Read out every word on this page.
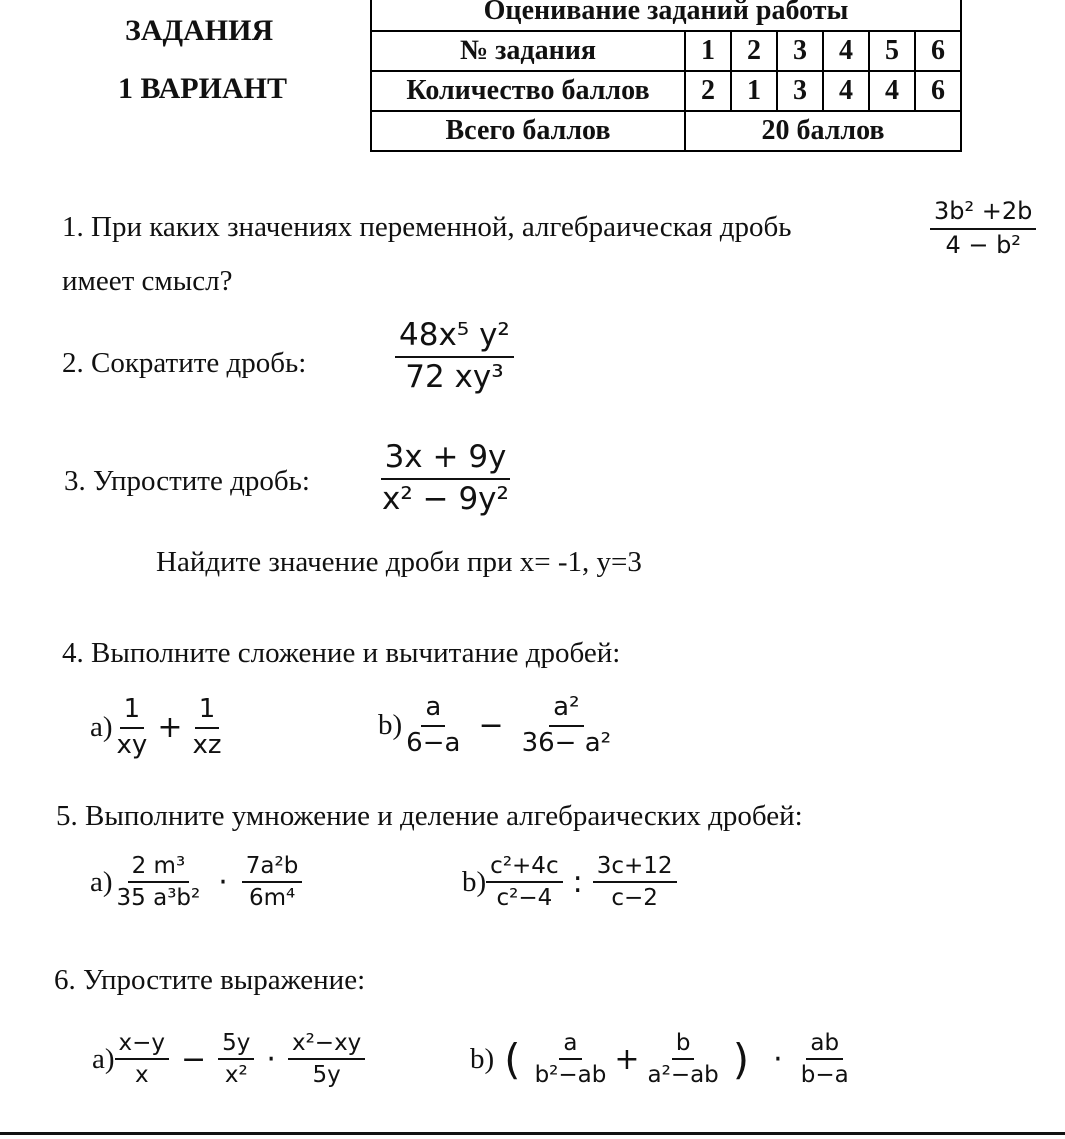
ЗАДАНИЯ
1 ВАРИАНТ
Оценивание заданий работы						
№ задания	1	2	3	4	5	6
Количество баллов	2	1	3	4	4	6
Всего баллов	20 баллов					
1. При каких значениях переменной, алгебраическая дробь	$\frac{\text{3b² +2b}}{\text{4 − b²}}$
имеет смысл?
2. Сократите дробь:	$\frac{\text{48x⁵ y²}}{\text{72 xy³}}$
3. Упростите дробь: $\frac{3x + 9y}{\text{x² − 9y²}}$
Найдите значение дроби при x= -1, y=3
4. Выполните сложение и вычитание дробей:
$а) \frac{1}{xy} + \frac{1}{xz}$	$b) \frac{a}{6-a} - \frac{\text{a²}}{\text{36− a²}}$
5. Выполните умножение и деление алгебраических дробей:
$а) \frac{\text{2 m³}}{\text{35 a³b²}} \cdot \frac{\text{7a²b}}{\text{6m⁴}}$	$b) \frac{\text{c²+4c}}{\text{c²−4}}$ : $\frac{3c+12}{c-2}$
6. Упростите выражение:
$а) \frac{x-y}{x} - \frac{5y}{\text{x²}} \cdot \frac{\text{x²−xy}}{5y}$	b) ( $\frac{a}{\text{b²−ab}} + \frac{b}{\text{a²−ab}}$ ) · $\frac{ab}{b-a}$
